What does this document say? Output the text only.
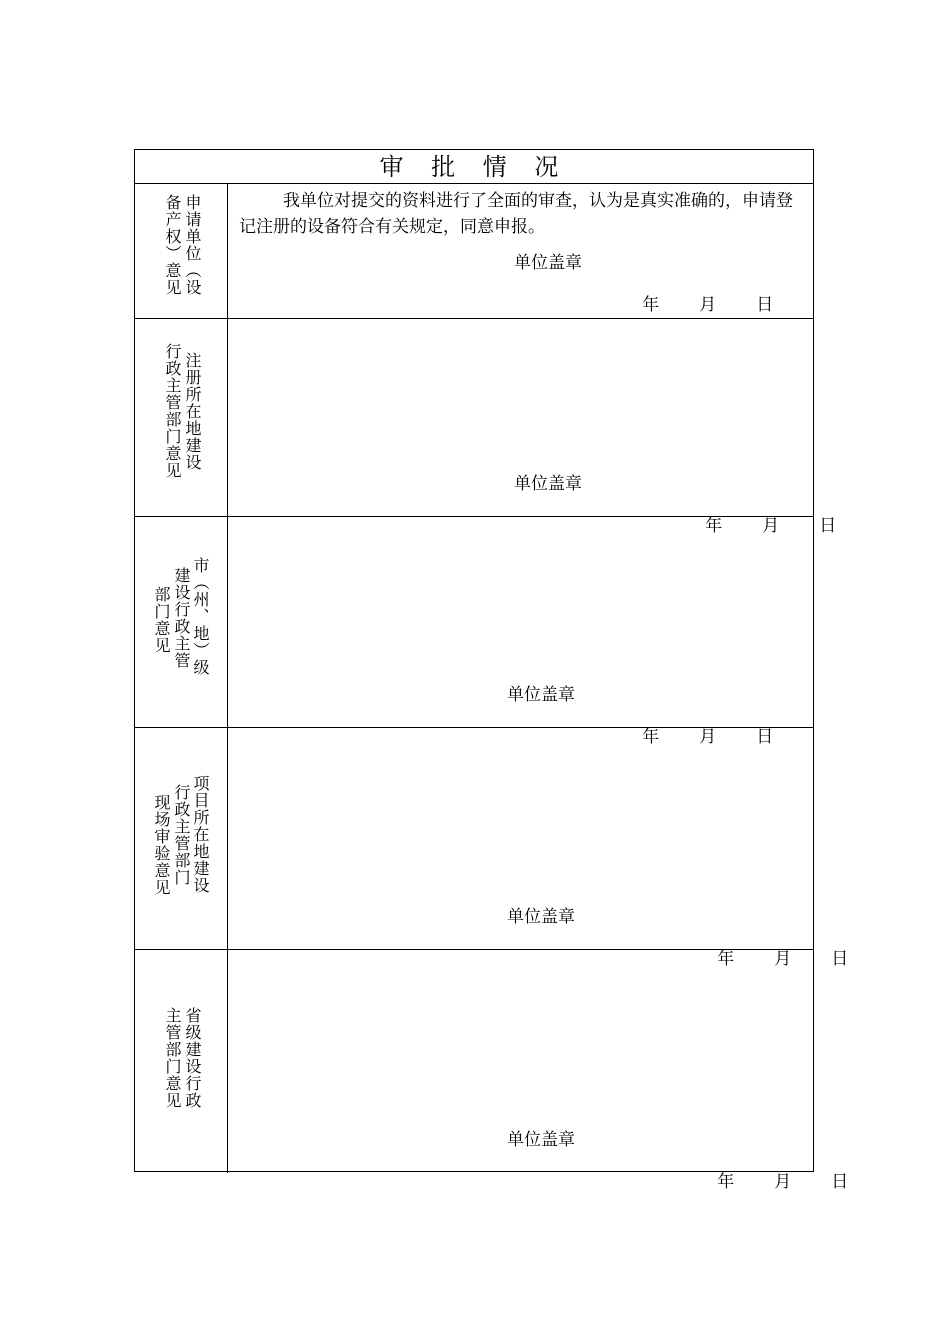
审 批 情 况
申请单位（设
备产权）意见	我单位对提交的资料进行了全面的审查，认为是真实准确的，申请登记注册的设备符合有关规定，同意申报。
单位盖章

年 月 日

注册所在地建设
行政主管部门意见
单位盖章

年 月 日

市（州、地）级
建设行政主管
部门意见
单位盖章

年 月 日

项目所在地建设
行政主管部门
现场审验意见
单位盖章

年 月 日

省级建设行政
主管部门意见
单位盖章

年 月 日
